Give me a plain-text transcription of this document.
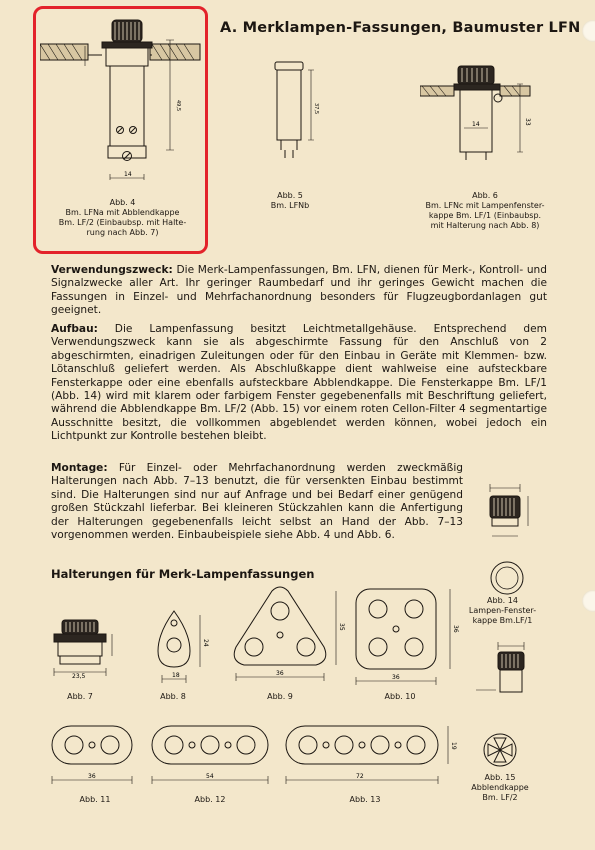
A. Merklampen-Fassungen, Baumuster LFN
49,5
14
Abb. 4
Bm. LFNa mit Abblendkappe
Bm. LF/2 (Einbaubsp. mit Halte-
rung nach Abb. 7)
37,5
Abb. 5
Bm. LFNb
14	33
Abb. 6
Bm. LFNc mit Lampenfenster-
kappe Bm. LF/1 (Einbaubsp.
mit Halterung nach Abb. 8)

Verwendungszweck: Die Merk-Lampenfassungen, Bm. LFN, dienen für Merk-, Kontroll- und Signalzwecke aller Art. Ihr geringer Raumbedarf und ihr geringes Gewicht machen die Fassungen in Einzel- und Mehrfachanordnung besonders für Flugzeugbordanlagen gut geeignet.

Aufbau: Die Lampenfassung besitzt Leichtmetallgehäuse. Entsprechend dem Verwendungszweck kann sie als abgeschirmte Fassung für den Anschluß von 2 abgeschirmten, einadrigen Zuleitungen oder für den Einbau in Geräte mit Klemmen- bzw. Lötanschluß geliefert werden. Als Abschlußkappe dient wahlweise eine aufsteckbare Fensterkappe oder eine ebenfalls aufsteckbare Abblendkappe. Die Fensterkappe Bm. LF/1 (Abb. 14) wird mit klarem oder farbigem Fenster gegebenenfalls mit Beschriftung geliefert, während die Abblendkappe Bm. LF/2 (Abb. 15) vor einem roten Cellon-Filter 4 segmentartige Ausschnitte besitzt, die vollkommen abgeblendet werden können, wobei jedoch ein Lichtpunkt zur Kontrolle bestehen bleibt.

Montage: Für Einzel- oder Mehrfachanordnung werden zweckmäßig Halterungen nach Abb. 7–13 benutzt, die für versenkten Einbau bestimmt sind. Die Halterungen sind nur auf Anfrage und bei Bedarf einer genügend großen Stückzahl lieferbar. Bei kleineren Stückzahlen kann die Anfertigung der Halterungen gegebenenfalls leicht selbst an Hand der Abb. 7–13 vorgenommen werden. Einbaubeispiele siehe Abb. 4 und Abb. 6.

Abb. 14
Lampen-Fenster-
kappe Bm.LF/1
Halterungen für Merk-Lampenfassungen
23,5
Abb. 7
18
24
Abb. 8
36
35
Abb. 9
36
36
Abb. 10
Abb. 15
Abblendkappe
Bm. LF/2
36
Abb. 11
54
Abb. 12
72
19
Abb. 13
